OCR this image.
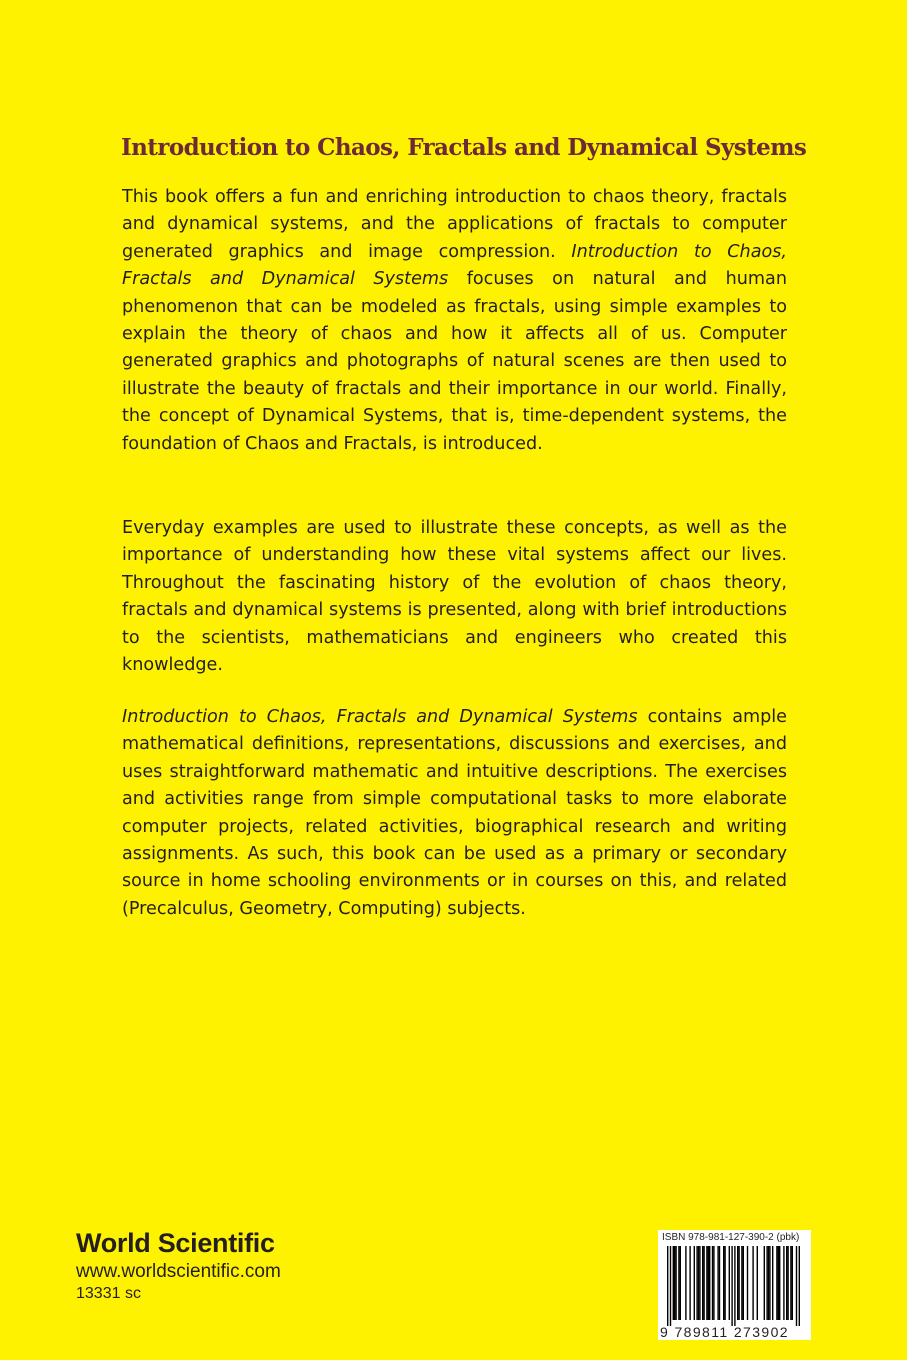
Introduction to Chaos, Fractals and Dynamical Systems

This book offers a fun and enriching introduction to chaos theory, fractals and dynamical systems, and the applications of fractals to computer generated graphics and image compression. Introduction to Chaos, Fractals and Dynamical Systems focuses on natural and human phenomenon that can be modeled as fractals, using simple examples to explain the theory of chaos and how it affects all of us. Computer generated graphics and photographs of natural scenes are then used to illustrate the beauty of fractals and their importance in our world. Finally, the concept of Dynamical Systems, that is, time-dependent systems, the foundation of Chaos and Fractals, is introduced.

Everyday examples are used to illustrate these concepts, as well as the importance of understanding how these vital systems affect our lives. Throughout the fascinating history of the evolution of chaos theory, fractals and dynamical systems is presented, along with brief introductions to the scientists, mathematicians and engineers who created this knowledge.

Introduction to Chaos, Fractals and Dynamical Systems contains ample mathematical definitions, representations, discussions and exercises, and uses straightforward mathematic and intuitive descriptions. The exercises and activities range from simple computational tasks to more elaborate computer projects, related activities, biographical research and writing assignments. As such, this book can be used as a primary or secondary source in home schooling environments or in courses on this, and related (Precalculus, Geometry, Computing) subjects.

World Scientific
www.worldscientific.com
13331 sc
ISBN 978-981-127-390-2 (pbk)
9 789811 273902
